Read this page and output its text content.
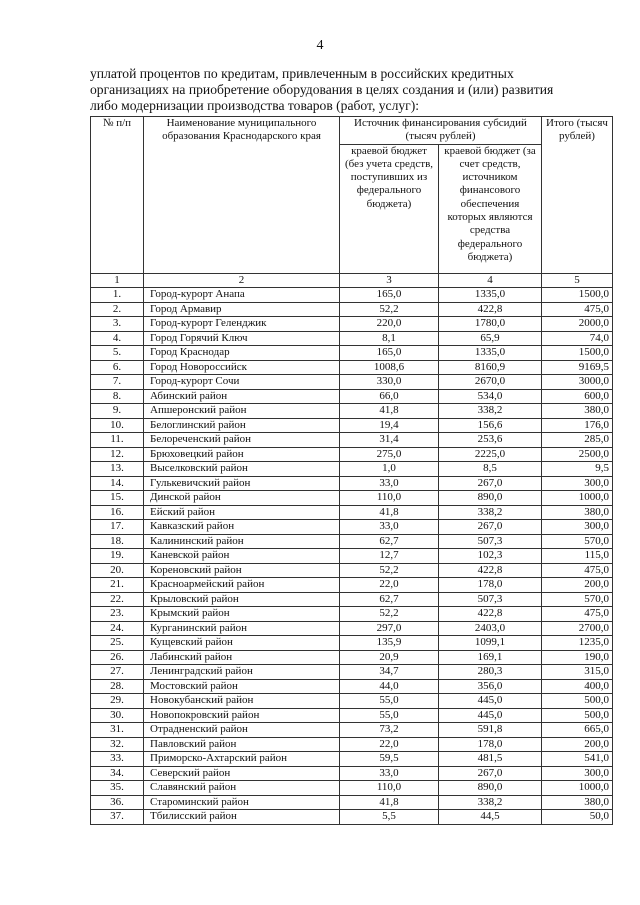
4
уплатой процентов по кредитам, привлеченным в российских кредитных
организациях на приобретение оборудования в целях создания и (или) развития
либо модернизации производства товаров (работ, услуг):
№ п/п	Наименование муниципального образования Краснодарского края	Источник финансирования субсидий (тысяч рублей)		Итого (тысяч рублей)
		краевой бюджет (без учета средств, поступивших из федерального бюджета)	краевой бюджет (за счет средств, источником финансового обеспечения которых являются средства федерального бюджета)	
1	2	3	4	5
1.	Город-курорт Анапа	165,0	1335,0	1500,0
2.	Город Армавир	52,2	422,8	475,0
3.	Город-курорт Геленджик	220,0	1780,0	2000,0
4.	Город Горячий Ключ	8,1	65,9	74,0
5.	Город Краснодар	165,0	1335,0	1500,0
6.	Город Новороссийск	1008,6	8160,9	9169,5
7.	Город-курорт Сочи	330,0	2670,0	3000,0
8.	Абинский район	66,0	534,0	600,0
9.	Апшеронский район	41,8	338,2	380,0
10.	Белоглинский район	19,4	156,6	176,0
11.	Белореченский район	31,4	253,6	285,0
12.	Брюховецкий район	275,0	2225,0	2500,0
13.	Выселковский район	1,0	8,5	9,5
14.	Гулькевичский район	33,0	267,0	300,0
15.	Динской район	110,0	890,0	1000,0
16.	Ейский район	41,8	338,2	380,0
17.	Кавказский район	33,0	267,0	300,0
18.	Калининский район	62,7	507,3	570,0
19.	Каневской район	12,7	102,3	115,0
20.	Кореновский район	52,2	422,8	475,0
21.	Красноармейский район	22,0	178,0	200,0
22.	Крыловский район	62,7	507,3	570,0
23.	Крымский район	52,2	422,8	475,0
24.	Курганинский район	297,0	2403,0	2700,0
25.	Кущевский район	135,9	1099,1	1235,0
26.	Лабинский район	20,9	169,1	190,0
27.	Ленинградский район	34,7	280,3	315,0
28.	Мостовский район	44,0	356,0	400,0
29.	Новокубанский район	55,0	445,0	500,0
30.	Новопокровский район	55,0	445,0	500,0
31.	Отрадненский район	73,2	591,8	665,0
32.	Павловский район	22,0	178,0	200,0
33.	Приморско-Ахтарский район	59,5	481,5	541,0
34.	Северский район	33,0	267,0	300,0
35.	Славянский район	110,0	890,0	1000,0
36.	Староминский район	41,8	338,2	380,0
37.	Тбилисский район	5,5	44,5	50,0
